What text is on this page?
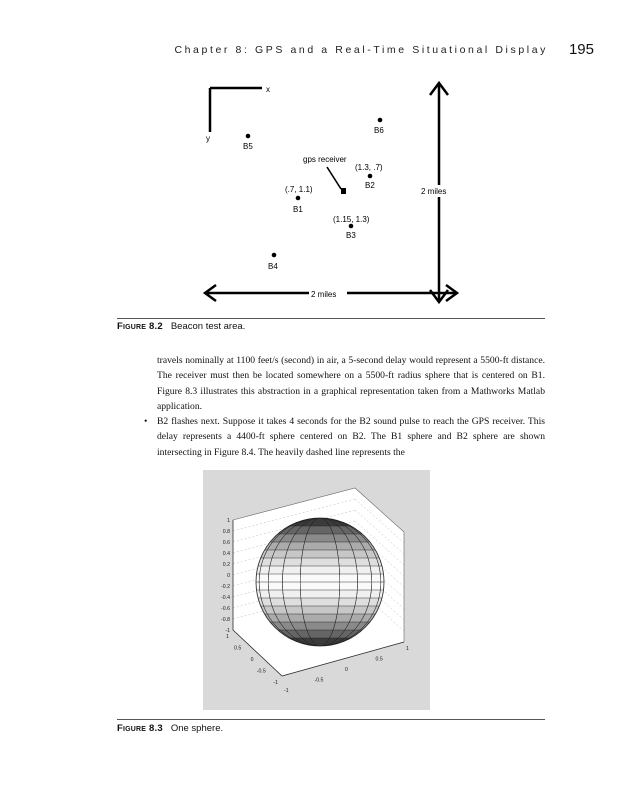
Chapter 8: GPS and a Real-Time Situational Display 195
x
y
B6
B5
gps receiver
(1.3, .7)
B2
(.7, 1.1)
B1
(1.15, 1.3)
B3
B4
2 miles
2 miles
Figure 8.2 Beacon test area.

travels nominally at 1100 feet/s (second) in air, a 5-second delay would represent a 5500-ft distance. The receiver must then be located somewhere on a 5500-ft radius sphere that is centered on B1. Figure 8.3 illustrates this abstraction in a graphical representation taken from a Mathworks Matlab application.

• B2 flashes next. Suppose it takes 4 seconds for the B2 sound pulse to reach the GPS receiver. This delay represents a 4400-ft sphere centered on B2. The B1 sphere and B2 sphere are shown intersecting in Figure 8.4. The heavily dashed line represents the

1
0.8
0.6
0.4
0.2
0
-0.2
-0.4
-0.6
-0.8
-1
1
0.5
0
-0.5
-1
1
0.5
0
-0.5
-1
Figure 8.3 One sphere.
